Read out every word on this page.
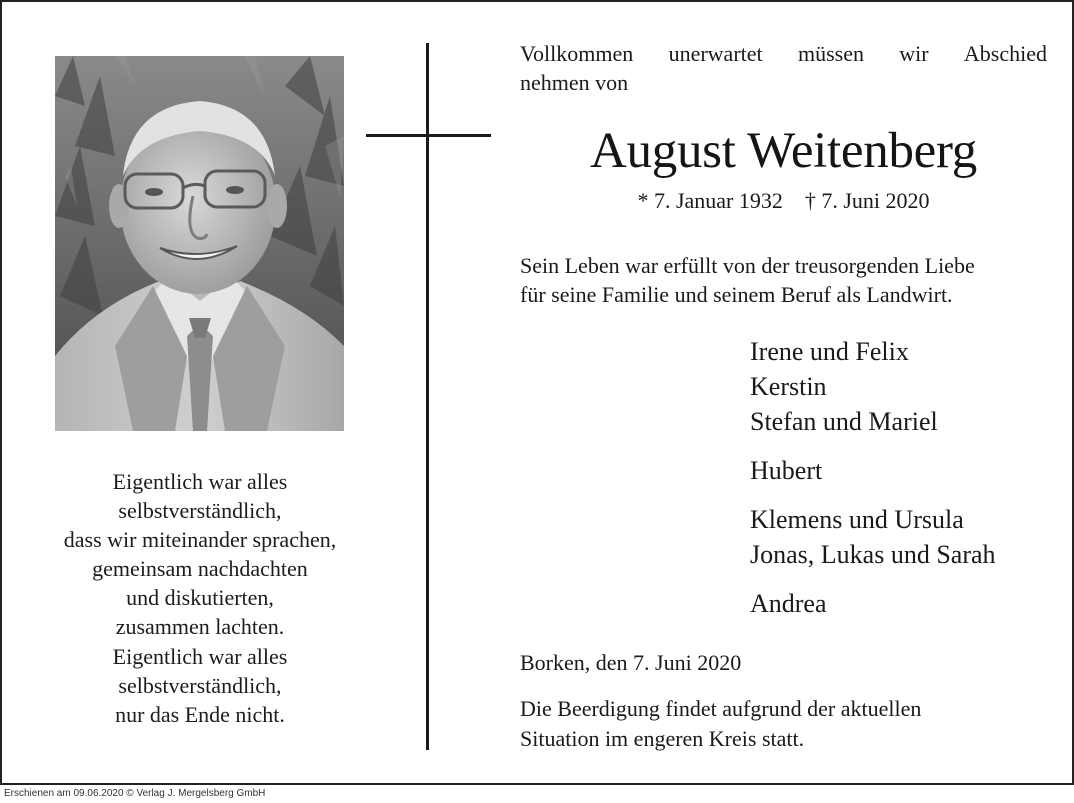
Eigentlich war alles
selbstverständlich,
dass wir miteinander sprachen,
gemeinsam nachdachten
und diskutierten,
zusammen lachten.
Eigentlich war alles
selbstverständlich,
nur das Ende nicht.
Vollkommen unerwartet müssen wir Abschied
nehmen von
August Weitenberg
* 7. Januar 1932 † 7. Juni 2020
Sein Leben war erfüllt von der treusorgenden Liebe
für seine Familie und seinem Beruf als Landwirt.
Irene und Felix
Kerstin
Stefan und Mariel
Hubert
Klemens und Ursula
Jonas, Lukas und Sarah
Andrea
Borken, den 7. Juni 2020
Die Beerdigung findet aufgrund der aktuellen
Situation im engeren Kreis statt.
Erschienen am 09.06.2020 © Verlag J. Mergelsberg GmbH
